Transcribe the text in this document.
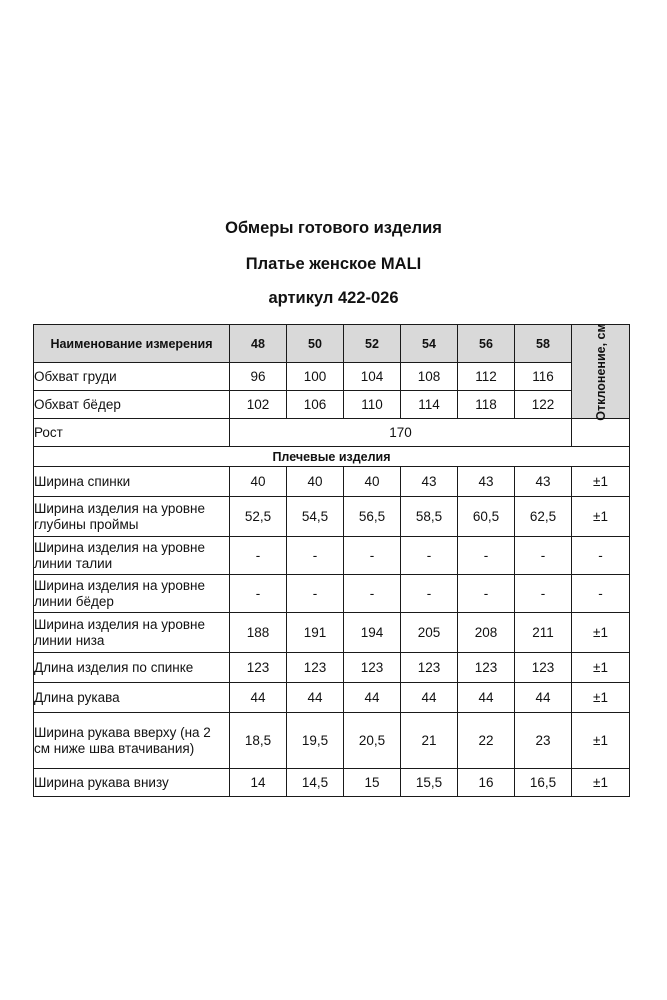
Обмеры готового изделия
Платье женское MALI
артикул 422-026
Наименование измерения	48	50	52	54	56	58	Отклонение, см

Обхват груди	96	100	104	108	112	116	
Обхват бёдер	102	106	110	114	118	122	
Рост	170						
Плечевые изделия							
Ширина спинки	40	40	40	43	43	43	±1
Ширина изделия на уровне глубины проймы	52,5	54,5	56,5	58,5	60,5	62,5	±1
Ширина изделия на уровне линии талии	-	-	-	-	-	-	-
Ширина изделия на уровне линии бёдер	-	-	-	-	-	-	-
Ширина изделия на уровне линии низа	188	191	194	205	208	211	±1
Длина изделия по спинке	123	123	123	123	123	123	±1
Длина рукава	44	44	44	44	44	44	±1
Ширина рукава вверху (на 2 см ниже шва втачивания)	18,5	19,5	20,5	21	22	23	±1
Ширина рукава внизу	14	14,5	15	15,5	16	16,5	±1
